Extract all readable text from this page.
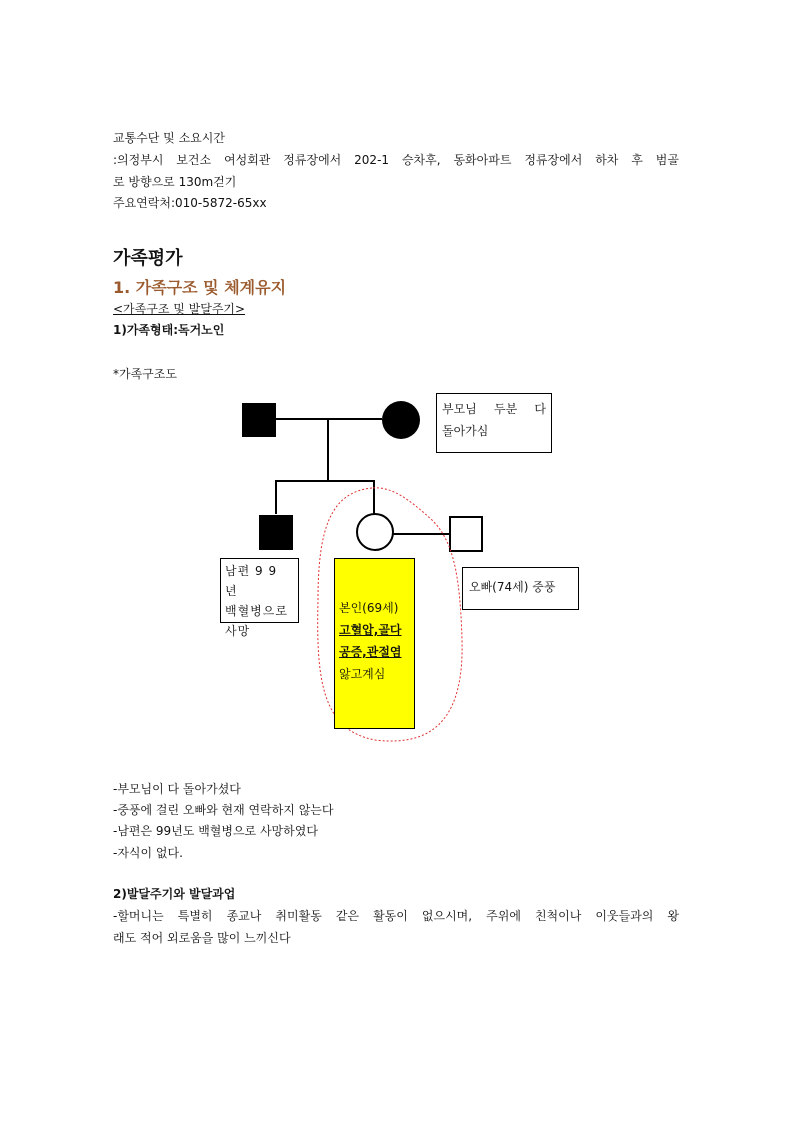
교통수단 및 소요시간
:의정부시 보건소 여성회관 정류장에서 202-1 승차후, 동화아파트 정류장에서 하차 후 범골
로 방향으로 130m걷기
주요연락처:010-5872-65xx
가족평가
1. 가족구조 및 체계유지
<가족구조 및 발달주기>
1)가족형태:독거노인
*가족구조도
부모님 두분 다
돌아가심
남편 9 9 년
백혈병으로
사망
본인(69세)
고혈압,골다
공증,관절염
앓고계심
오빠(74세) 중풍
-부모님이 다 돌아가셨다
-중풍에 걸린 오빠와 현재 연락하지 않는다
-남편은 99년도 백혈병으로 사망하였다
-자식이 없다.
2)발달주기와 발달과업
-할머니는 특별히 종교나 취미활동 같은 활동이 없으시며, 주위에 친척이나 이웃들과의 왕
래도 적어 외로움을 많이 느끼신다
